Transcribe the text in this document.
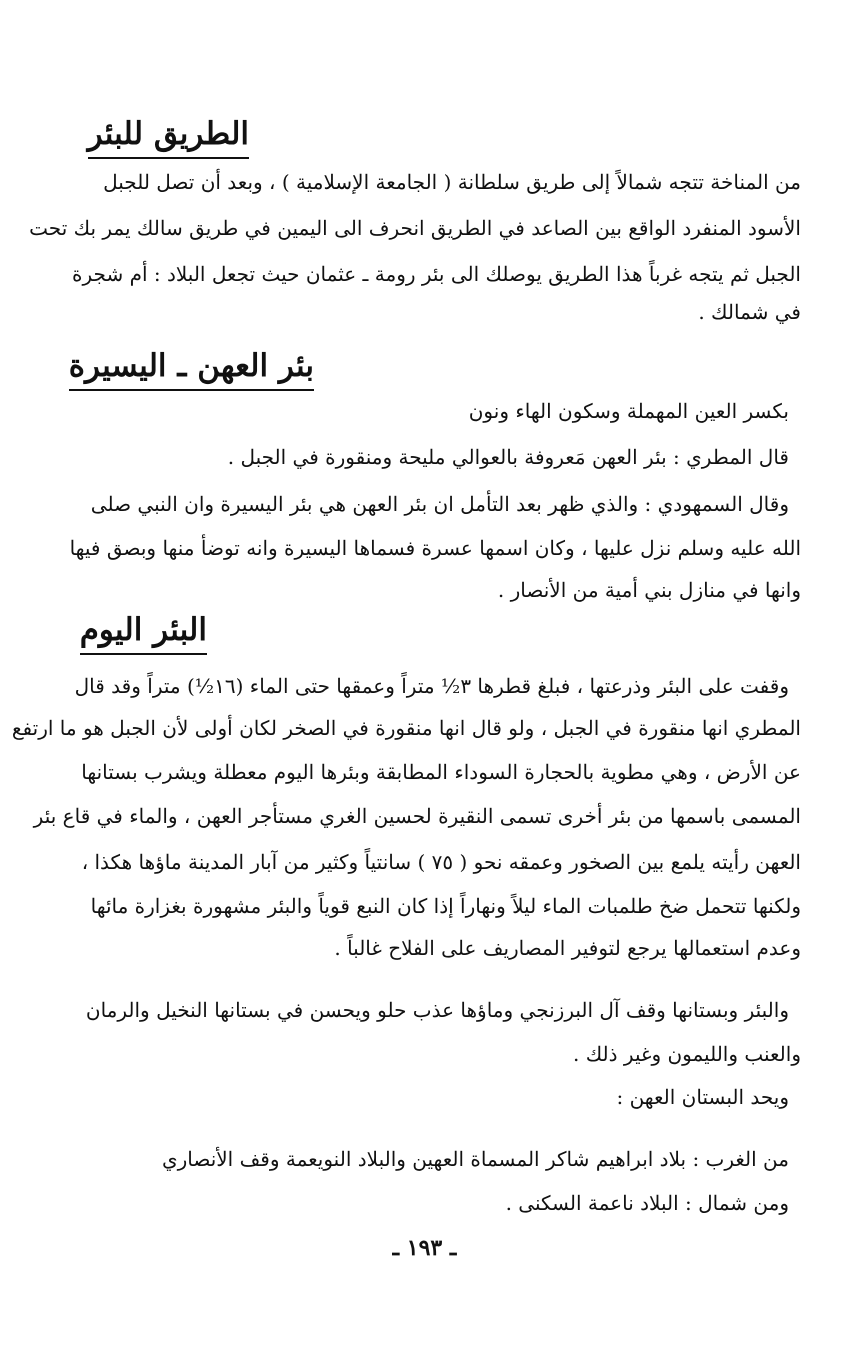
الطريق للبئر
من المناخة تتجه شمالاً إلى طريق سلطانة ( الجامعة الإسلامية ) ، وبعد أن تصل للجبل
الأسود المنفرد الواقع بين الصاعد في الطريق انحرف الى اليمين في طريق سالك يمر بك تحت
الجبل ثم يتجه غرباً هذا الطريق يوصلك الى بئر رومة ـ عثمان حيث تجعل البلاد : أم شجرة
في شمالك .
بئر العهن ـ اليسيرة
بكسر العين المهملة وسكون الهاء ونون
قال المطري : بئر العهن مَعروفة بالعوالي مليحة ومنقورة في الجبل .
وقال السمهودي : والذي ظهر بعد التأمل ان بئر العهن هي بئر اليسيرة وان النبي صلى
الله عليه وسلم نزل عليها ، وكان اسمها عسرة فسماها اليسيرة وانه توضأ منها وبصق فيها
وانها في منازل بني أمية من الأنصار .
البئر اليوم
وقفت على البئر وذرعتها ، فبلغ قطرها ٣½ متراً وعمقها حتى الماء (١٦½) متراً وقد قال
المطري انها منقورة في الجبل ، ولو قال انها منقورة في الصخر لكان أولى لأن الجبل هو ما ارتفع
عن الأرض ، وهي مطوية بالحجارة السوداء المطابقة وبئرها اليوم معطلة ويشرب بستانها
المسمى باسمها من بئر أخرى تسمى النقيرة لحسين الغري مستأجر العهن ، والماء في قاع بئر
العهن رأيته يلمع بين الصخور وعمقه نحو ( ٧٥ ) سانتياً وكثير من آبار المدينة ماؤها هكذا ،
ولكنها تتحمل ضخ طلمبات الماء ليلاً ونهاراً إذا كان النبع قوياً والبئر مشهورة بغزارة مائها
وعدم استعمالها يرجع لتوفير المصاريف على الفلاح غالباً .
والبئر وبستانها وقف آل البرزنجي وماؤها عذب حلو ويحسن في بستانها النخيل والرمان
والعنب والليمون وغير ذلك .
ويحد البستان العهن :
من الغرب : بلاد ابراهيم شاكر المسماة العهين والبلاد النويعمة وقف الأنصاري
ومن شمال : البلاد ناعمة السكنى .
ـ ١٩٣ ـ
